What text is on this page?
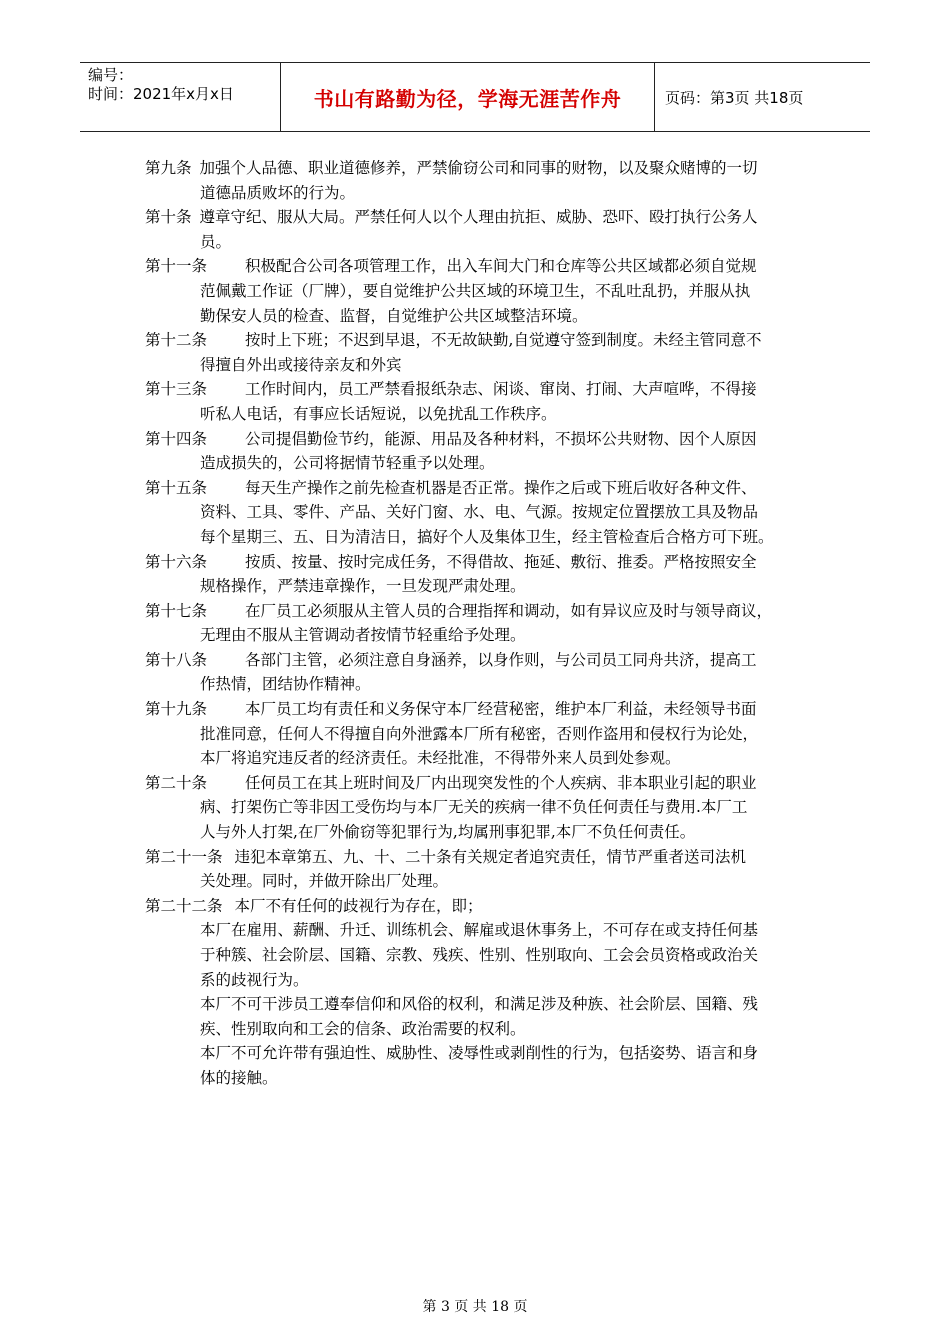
编号：
时间：2021年x月x日	书山有路勤为径，学海无涯苦作舟	页码：第3页 共18页
第九条 加强个人品德、职业道德修养，严禁偷窃公司和同事的财物，以及聚众赌博的一切
道德品质败坏的行为。
第十条 遵章守纪、服从大局。严禁任何人以个人理由抗拒、威胁、恐吓、殴打执行公务人
员。
第十一条 积极配合公司各项管理工作，出入车间大门和仓库等公共区域都必须自觉规
范佩戴工作证（厂牌），要自觉维护公共区域的环境卫生，不乱吐乱扔，并服从执
勤保安人员的检查、监督，自觉维护公共区域整洁环境。
第十二条 按时上下班；不迟到早退，不无故缺勤,自觉遵守签到制度。未经主管同意不
得擅自外出或接待亲友和外宾
第十三条 工作时间内，员工严禁看报纸杂志、闲谈、窜岗、打闹、大声喧哗，不得接
听私人电话，有事应长话短说，以免扰乱工作秩序。
第十四条 公司提倡勤俭节约，能源、用品及各种材料，不损坏公共财物、因个人原因
造成损失的，公司将据情节轻重予以处理。
第十五条 每天生产操作之前先检查机器是否正常。操作之后或下班后收好各种文件、
资料、工具、零件、产品、关好门窗、水、电、气源。按规定位置摆放工具及物品
每个星期三、五、日为清洁日，搞好个人及集体卫生，经主管检查后合格方可下班。
第十六条 按质、按量、按时完成任务，不得借故、拖延、敷衍、推委。严格按照安全
规格操作，严禁违章操作，一旦发现严肃处理。
第十七条 在厂员工必须服从主管人员的合理指挥和调动，如有异议应及时与领导商议，
无理由不服从主管调动者按情节轻重给予处理。
第十八条 各部门主管，必须注意自身涵养，以身作则，与公司员工同舟共济，提高工
作热情，团结协作精神。
第十九条 本厂员工均有责任和义务保守本厂经营秘密，维护本厂利益，未经领导书面
批准同意，任何人不得擅自向外泄露本厂所有秘密，否则作盗用和侵权行为论处，
本厂将追究违反者的经济责任。未经批准，不得带外来人员到处参观。
第二十条 任何员工在其上班时间及厂内出现突发性的个人疾病、非本职业引起的职业
病、打架伤亡等非因工受伤均与本厂无关的疾病一律不负任何责任与费用.本厂工
人与外人打架,在厂外偷窃等犯罪行为,均属刑事犯罪,本厂不负任何责任。
第二十一条 违犯本章第五、九、十、二十条有关规定者追究责任，情节严重者送司法机
关处理。同时，并做开除出厂处理。
第二十二条 本厂不有任何的歧视行为存在，即；
本厂在雇用、薪酬、升迁、训练机会、解雇或退休事务上，不可存在或支持任何基
于种簇、社会阶层、国籍、宗教、残疾、性别、性别取向、工会会员资格或政治关
系的歧视行为。
本厂不可干涉员工遵奉信仰和风俗的权利，和满足涉及种族、社会阶层、国籍、残
疾、性别取向和工会的信条、政治需要的权利。
本厂不可允许带有强迫性、威胁性、凌辱性或剥削性的行为，包括姿势、语言和身
体的接触。
第 3 页 共 18 页
